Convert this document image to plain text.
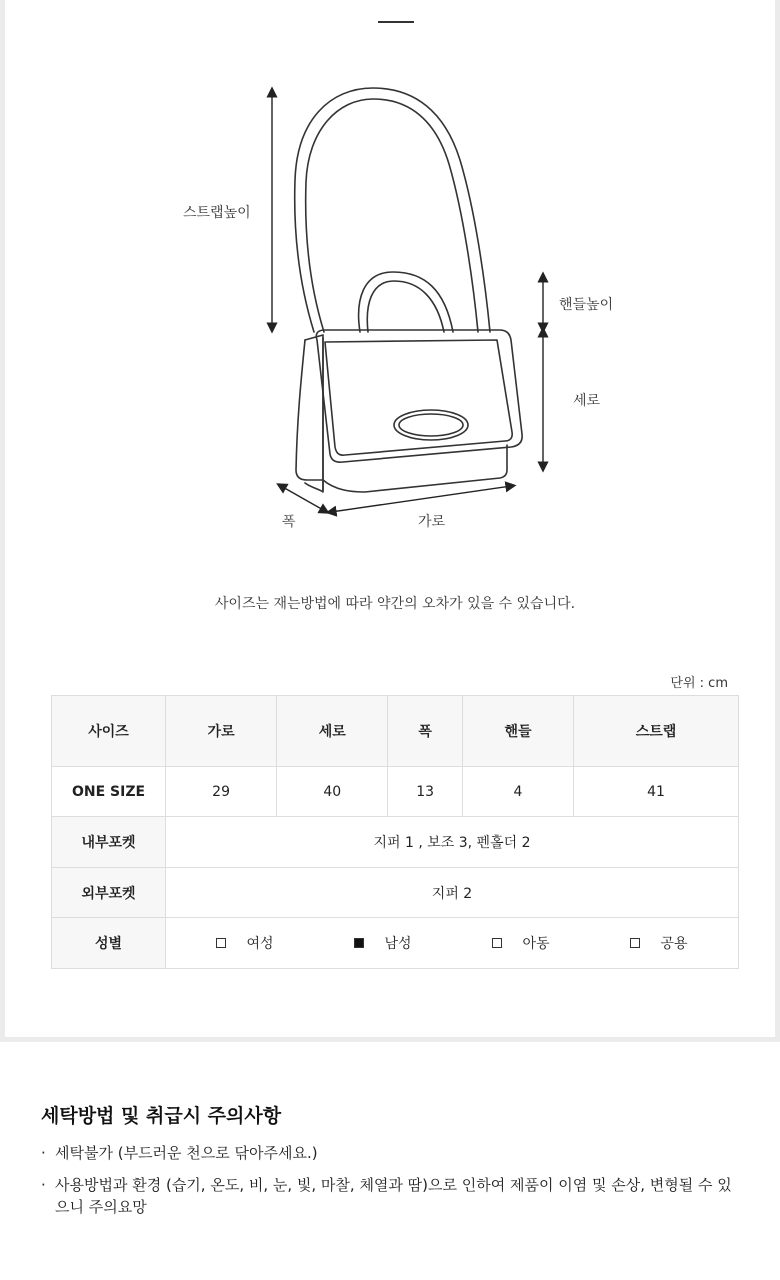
스트랩높이
핸들높이
세로
폭	가로
사이즈는 재는방법에 따라 약간의 오차가 있을 수 있습니다.
단위 : cm
사이즈	가로	세로	폭	핸들	스트랩
ONE SIZE	29	40	13	4	41
내부포켓	지퍼 1 , 보조 3, 펜홀더 2				
외부포켓	지퍼 2				
성별	여성 남성 아동 공용				
세탁방법 및 취급시 주의사항
· 세탁불가 (부드러운 천으로 닦아주세요.)
· 사용방법과 환경 (습기, 온도, 비, 눈, 빛, 마찰, 체열과 땀)으로 인하여 제품이 이염 및 손상, 변형될 수 있으니 주의요망
